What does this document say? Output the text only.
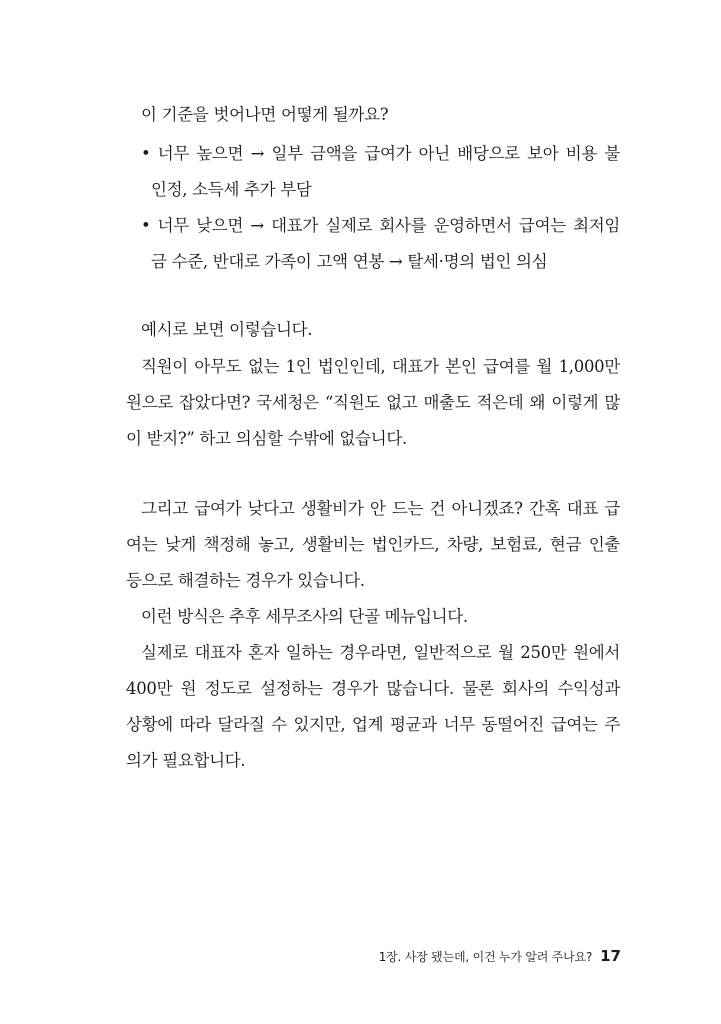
이 기준을 벗어나면 어떻게 될까요?
• 너무 높으면 → 일부 금액을 급여가 아닌 배당으로 보아 비용 불
인정, 소득세 추가 부담
• 너무 낮으면 → 대표가 실제로 회사를 운영하면서 급여는 최저임
금 수준, 반대로 가족이 고액 연봉 → 탈세·명의 법인 의심
예시로 보면 이렇습니다.
직원이 아무도 없는 1인 법인인데, 대표가 본인 급여를 월 1,000만
원으로 잡았다면? 국세청은 “직원도 없고 매출도 적은데 왜 이렇게 많
이 받지?” 하고 의심할 수밖에 없습니다.
그리고 급여가 낮다고 생활비가 안 드는 건 아니겠죠? 간혹 대표 급
여는 낮게 책정해 놓고, 생활비는 법인카드, 차량, 보험료, 현금 인출
등으로 해결하는 경우가 있습니다.
이런 방식은 추후 세무조사의 단골 메뉴입니다.
실제로 대표자 혼자 일하는 경우라면, 일반적으로 월 250만 원에서
400만 원 정도로 설정하는 경우가 많습니다. 물론 회사의 수익성과
상황에 따라 달라질 수 있지만, 업계 평균과 너무 동떨어진 급여는 주
의가 필요합니다.
1장. 사장 됐는데, 이건 누가 알려 주나요? 17
